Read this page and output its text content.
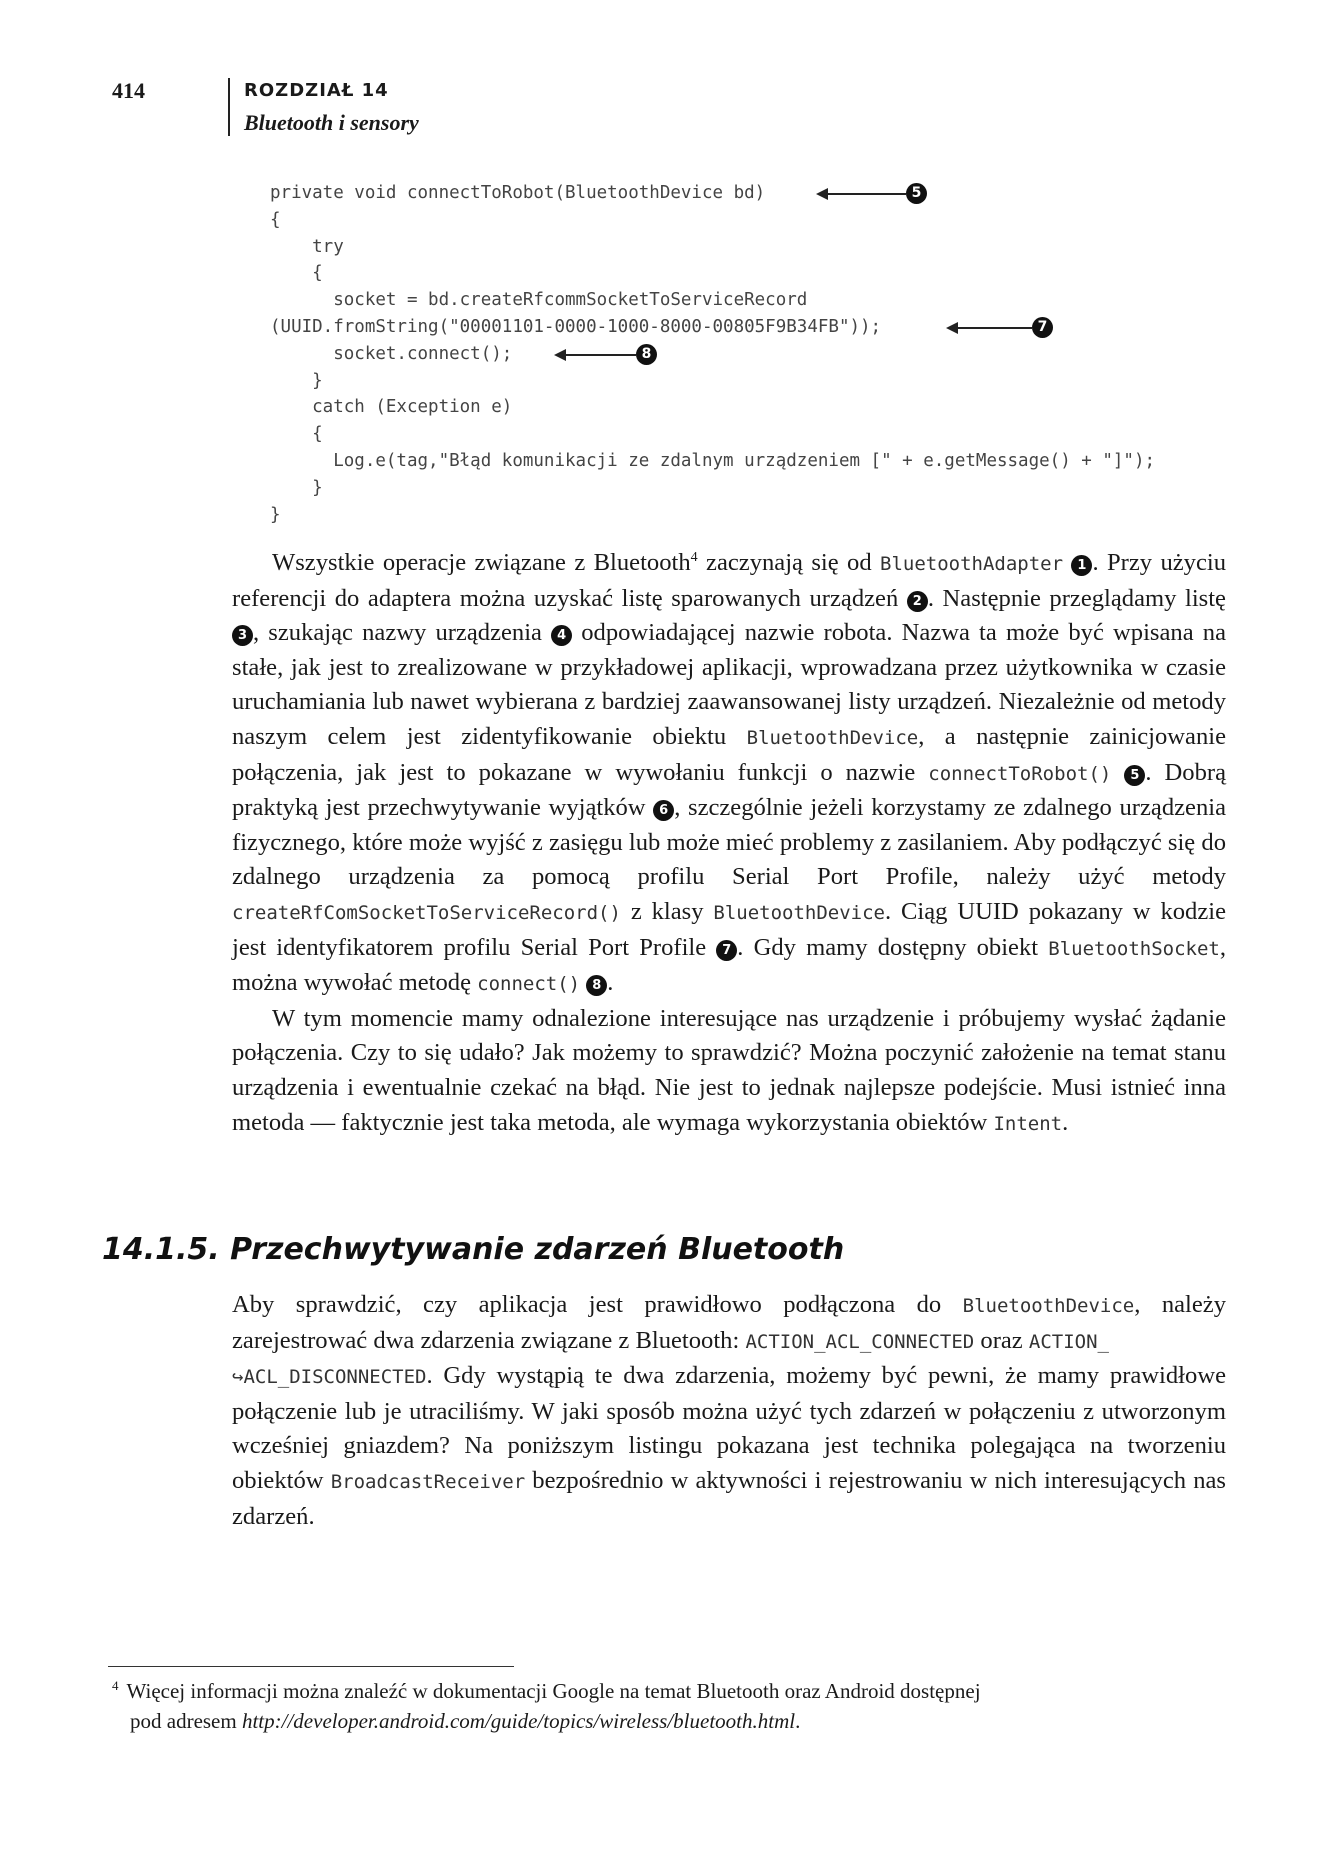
414	ROZDZIAŁ 14
Bluetooth i sensory
private void connectToRobot(BluetoothDevice bd)	5
{
try
{
socket = bd.createRfcommSocketToServiceRecord
(UUID.fromString("00001101-0000-1000-8000-00805F9B34FB"));	7
socket.connect();	8
}
catch (Exception e)
{
Log.e(tag,"Błąd komunikacji ze zdalnym urządzeniem [" + e.getMessage() + "]");
}
}

Wszystkie operacje związane z Bluetooth$^4$ zaczynają się od BluetoothAdapter 1 . Przy użyciu referencji do adaptera można uzyskać listę sparowanych urządzeń 2 . Następnie przeglądamy listę 3 , szukając nazwy urządzenia 4 odpowiadającej nazwie robota. Nazwa ta może być wpisana na stałe, jak jest to zrealizowane w przykładowej aplikacji, wprowadzana przez użytkownika w czasie uruchamiania lub nawet wybierana z bardziej zaawansowanej listy urządzeń. Niezależnie od metody naszym celem jest zidentyfikowanie obiektu BluetoothDevice, a następnie zainicjowanie połączenia, jak jest to pokazane w wywołaniu funkcji o nazwie connectToRobot() 5 . Dobrą praktyką jest przechwytywanie wyjątków 6 , szczególnie jeżeli korzystamy ze zdalnego urządzenia fizycznego, które może wyjść z zasięgu lub może mieć problemy z zasilaniem. Aby podłączyć się do zdalnego urządzenia za pomocą profilu Serial Port Profile, należy użyć metody createRfComSocketToServiceRecord() z klasy BluetoothDevice. Ciąg UUID pokazany w kodzie jest identyfikatorem profilu Serial Port Profile 7 . Gdy mamy dostępny obiekt BluetoothSocket, można wywołać metodę connect() 8 .

W tym momencie mamy odnalezione interesujące nas urządzenie i próbujemy wysłać żądanie połączenia. Czy to się udało? Jak możemy to sprawdzić? Można poczynić założenie na temat stanu urządzenia i ewentualnie czekać na błąd. Nie jest to jednak najlepsze podejście. Musi istnieć inna metoda — faktycznie jest taka metoda, ale wymaga wykorzystania obiektów Intent.

14.1.5. Przechwytywanie zdarzeń Bluetooth

Aby sprawdzić, czy aplikacja jest prawidłowo podłączona do BluetoothDevice, należy zarejestrować dwa zdarzenia związane z Bluetooth: ACTION_ACL_CONNECTED oraz ACTION_
↪ACL_DISCONNECTED. Gdy wystąpią te dwa zdarzenia, możemy być pewni, że mamy prawidłowe połączenie lub je utraciliśmy. W jaki sposób można użyć tych zdarzeń w połączeniu z utworzonym wcześniej gniazdem? Na poniższym listingu pokazana jest technika polegająca na tworzeniu obiektów BroadcastReceiver bezpośrednio w aktywności i rejestrowaniu w nich interesujących nas zdarzeń.

$^4$ Więcej informacji można znaleźć w dokumentacji Google na temat Bluetooth oraz Android dostępnej
pod adresem http://developer.android.com/guide/topics/wireless/bluetooth.html.
